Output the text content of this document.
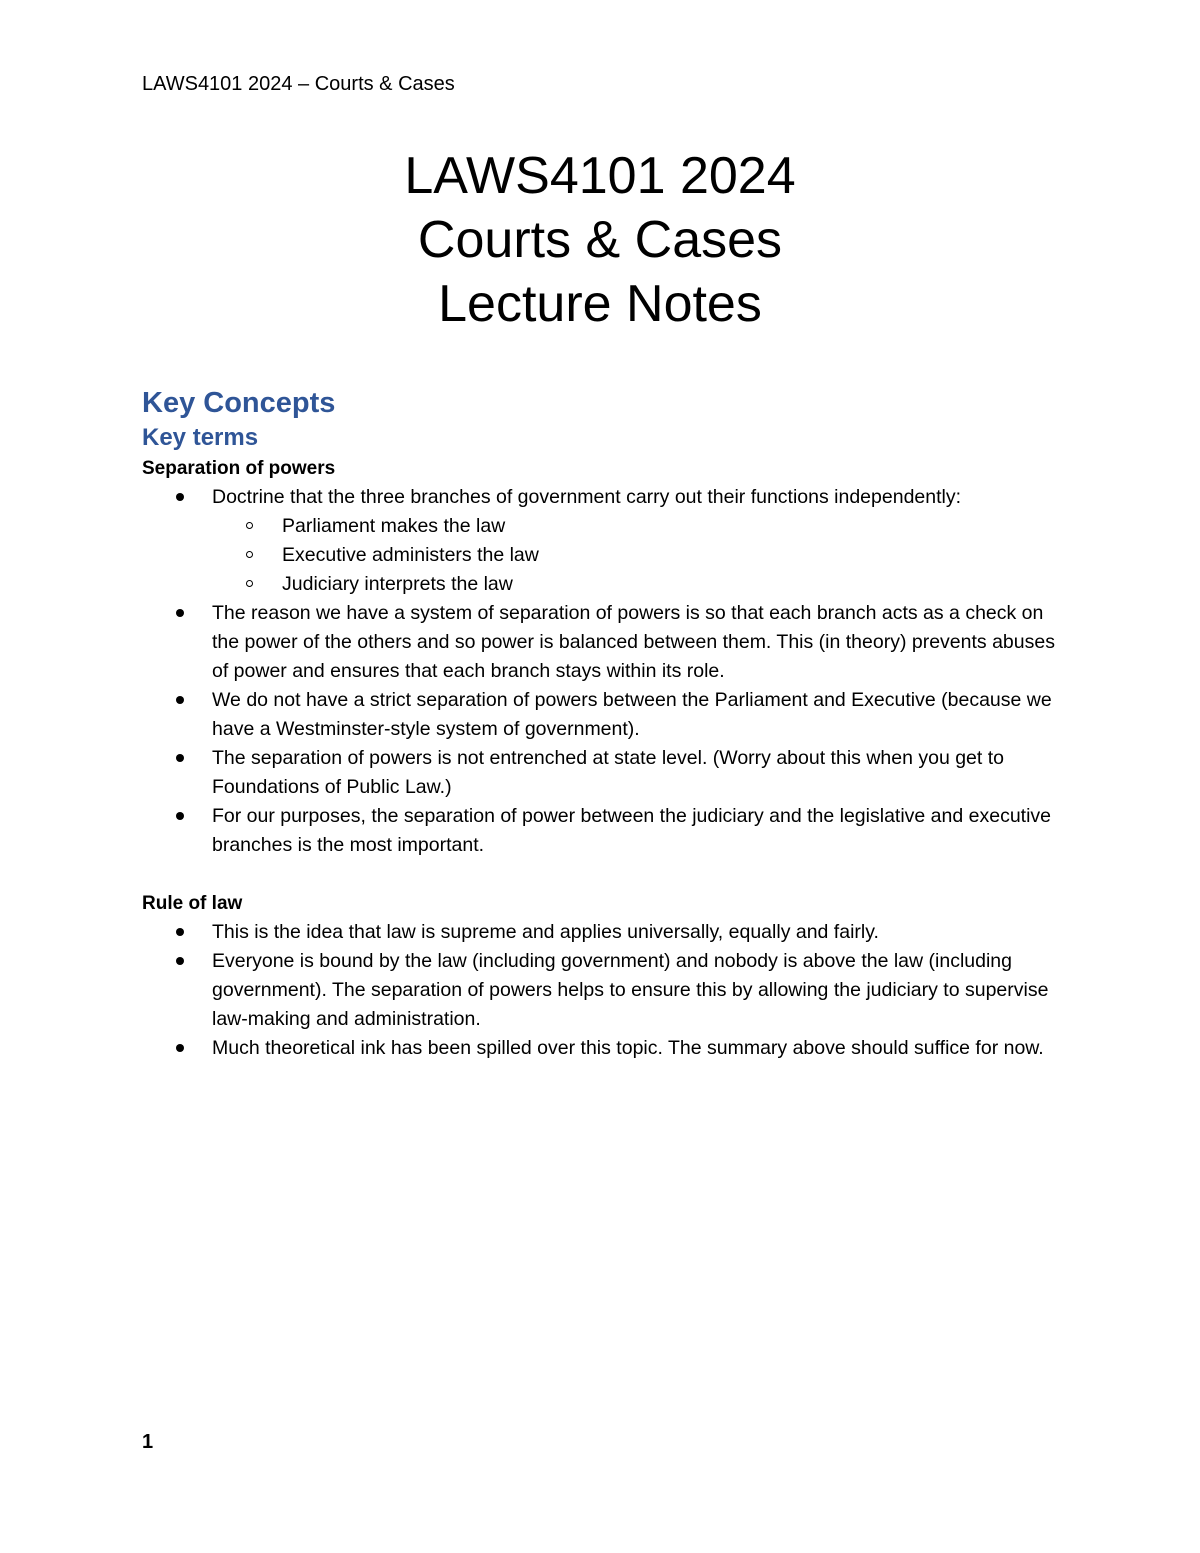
LAWS4101 2024 – Courts & Cases
LAWS4101 2024
Courts & Cases
Lecture Notes
Key Concepts
Key terms
Separation of powers
Doctrine that the three branches of government carry out their functions independently:
Parliament makes the law
Executive administers the law
Judiciary interprets the law
The reason we have a system of separation of powers is so that each branch acts as a check on the power of the others and so power is balanced between them. This (in theory) prevents abuses of power and ensures that each branch stays within its role.
We do not have a strict separation of powers between the Parliament and Executive (because we have a Westminster-style system of government).
The separation of powers is not entrenched at state level. (Worry about this when you get to Foundations of Public Law.)
For our purposes, the separation of power between the judiciary and the legislative and executive branches is the most important.
Rule of law
This is the idea that law is supreme and applies universally, equally and fairly.
Everyone is bound by the law (including government) and nobody is above the law (including government). The separation of powers helps to ensure this by allowing the judiciary to supervise law-making and administration.
Much theoretical ink has been spilled over this topic. The summary above should suffice for now.
1
